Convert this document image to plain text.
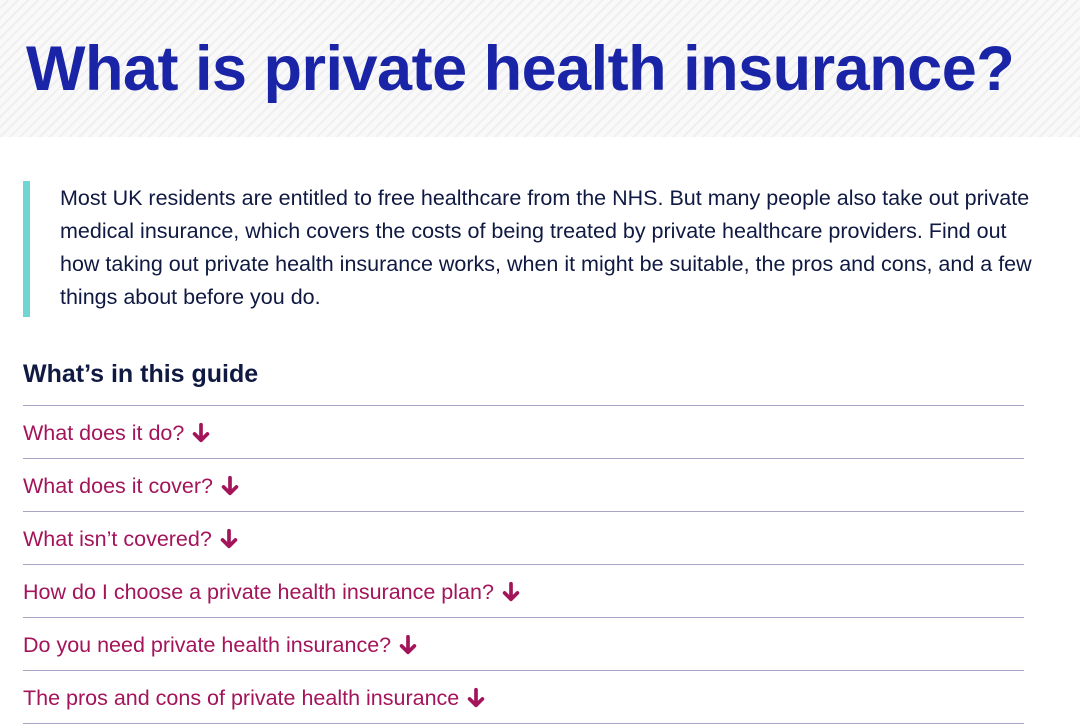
What is private health insurance?

Most UK residents are entitled to free healthcare from the NHS. But many people also take out private medical insurance, which covers the costs of being treated by private healthcare providers. Find out how taking out private health insurance works, when it might be suitable, the pros and cons, and a few things about before you do.

What’s in this guide
What does it do?
What does it cover?
What isn’t covered?
How do I choose a private health insurance plan?
Do you need private health insurance?
The pros and cons of private health insurance
